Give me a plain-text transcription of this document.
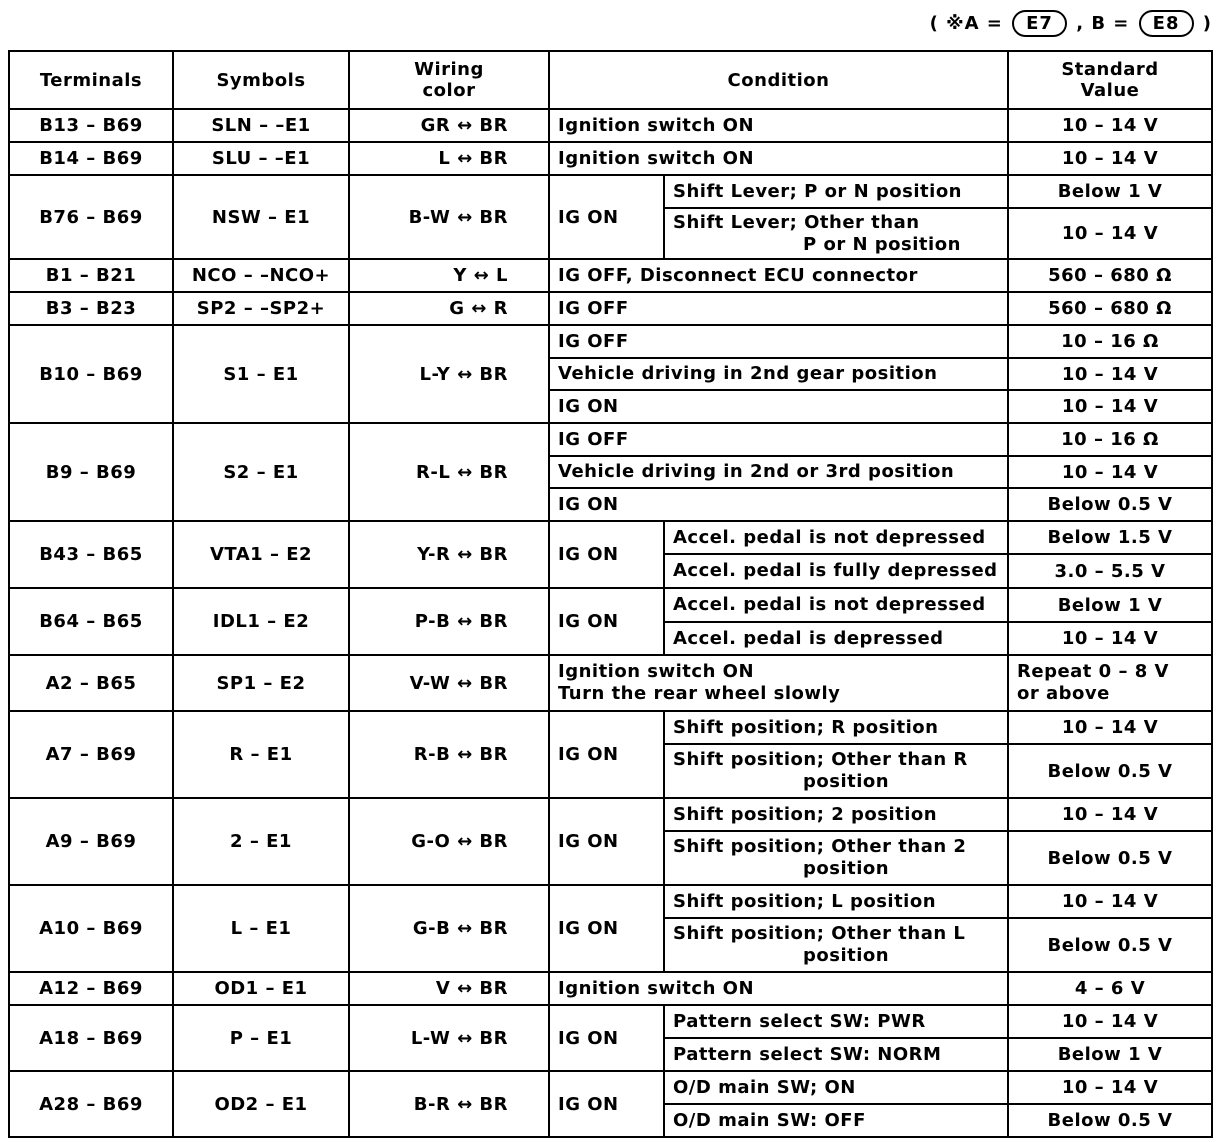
( ※A = E7 , B = E8 )
Terminals	Symbols	Wiring
color	Condition		Standard
Value
B13 – B69	SLN – –E1	GR ↔ BR	Ignition switch ON		10 – 14 V
B14 – B69	SLU – –E1	L ↔ BR	Ignition switch ON		10 – 14 V
B76 – B69	NSW – E1	B-W ↔ BR	IG ON	Shift Lever; P or N position	Below 1 V

				Shift Lever; Other than
P or N position	10 – 14 V
B1 – B21	NCO – –NCO+	Y ↔ L	IG OFF, Disconnect ECU connector		560 – 680 Ω
B3 – B23	SP2 – –SP2+	G ↔ R	IG OFF		560 – 680 Ω
B10 – B69	S1 – E1	L-Y ↔ BR	IG OFF		10 – 16 Ω
			Vehicle driving in 2nd gear position		10 – 14 V
			IG ON		10 – 14 V
B9 – B69	S2 – E1	R-L ↔ BR	IG OFF		10 – 16 Ω
			Vehicle driving in 2nd or 3rd position		10 – 14 V
			IG ON		Below 0.5 V
B43 – B65	VTA1 – E2	Y-R ↔ BR	IG ON	Accel. pedal is not depressed	Below 1.5 V
				Accel. pedal is fully depressed	3.0 – 5.5 V
B64 – B65	IDL1 – E2	P-B ↔ BR	IG ON	Accel. pedal is not depressed	Below 1 V
				Accel. pedal is depressed	10 – 14 V
A2 – B65	SP1 – E2	V-W ↔ BR	Ignition switch ON
Turn the rear wheel slowly		Repeat 0 – 8 V
or above
A7 – B69	R – E1	R-B ↔ BR	IG ON	Shift position; R position	10 – 14 V

				Shift position; Other than R
position	Below 0.5 V
A9 – B69	2 – E1	G-O ↔ BR	IG ON	Shift position; 2 position	10 – 14 V

				Shift position; Other than 2
position	Below 0.5 V
A10 – B69	L – E1	G-B ↔ BR	IG ON	Shift position; L position	10 – 14 V

				Shift position; Other than L
position	Below 0.5 V
A12 – B69	OD1 – E1	V ↔ BR	Ignition switch ON		4 – 6 V
A18 – B69	P – E1	L-W ↔ BR	IG ON	Pattern select SW: PWR	10 – 14 V
				Pattern select SW: NORM	Below 1 V
A28 – B69	OD2 – E1	B-R ↔ BR	IG ON	O/D main SW; ON	10 – 14 V
				O/D main SW: OFF	Below 0.5 V
